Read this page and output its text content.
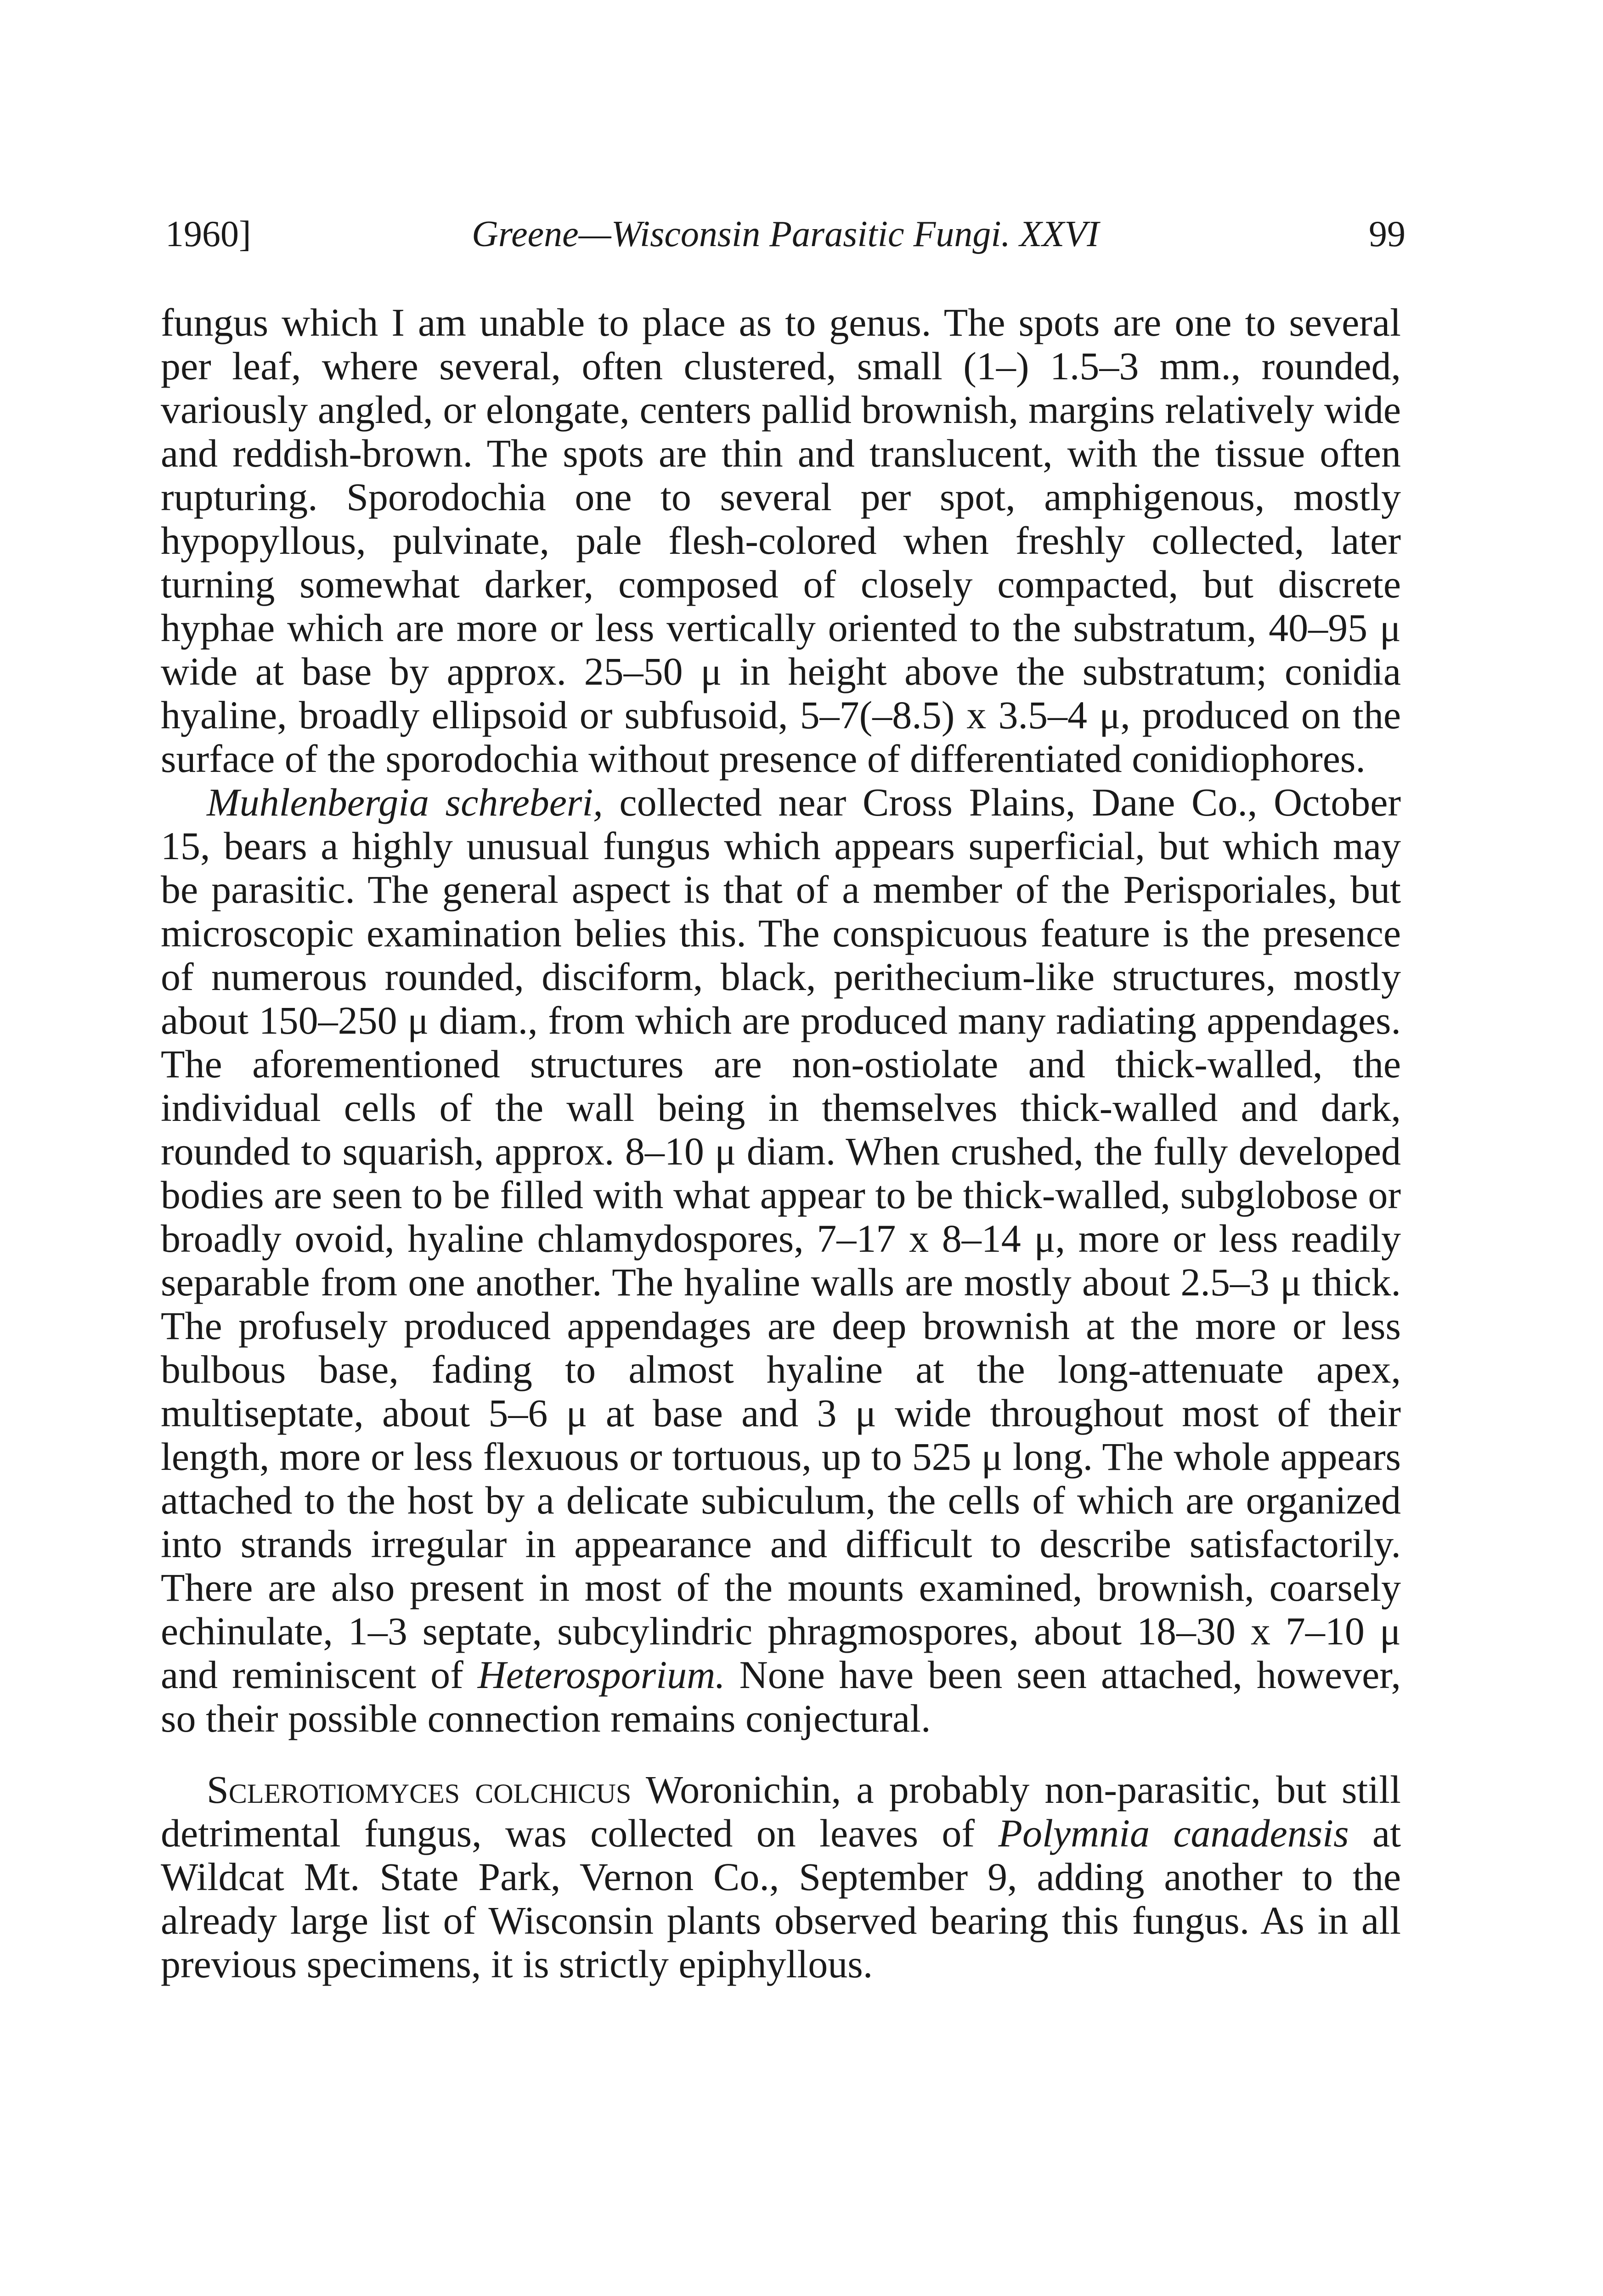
1960]	Greene—Wisconsin Parasitic Fungi. XXVI	99

fungus which I am unable to place as to genus. The spots are one to several per leaf, where several, often clustered, small (1–) 1.5–3 mm., rounded, variously angled, or elongate, centers pallid brownish, margins relatively wide and reddish-brown. The spots are thin and translucent, with the tissue often rupturing. Sporodochia one to several per spot, amphigenous, mostly hypopyllous, pulvinate, pale flesh-colored when freshly collected, later turning somewhat darker, composed of closely compacted, but discrete hyphae which are more or less vertically oriented to the substratum, 40–95 μ wide at base by approx. 25–50 μ in height above the substratum; conidia hyaline, broadly ellipsoid or subfusoid, 5–7(–8.5) x 3.5–4 μ, produced on the surface of the sporodochia without presence of differentiated conidiophores.

Muhlenbergia schreberi, collected near Cross Plains, Dane Co., October 15, bears a highly unusual fungus which appears superficial, but which may be parasitic. The general aspect is that of a member of the Perisporiales, but microscopic examination belies this. The conspicuous feature is the presence of numerous rounded, disciform, black, perithecium-like structures, mostly about 150–250 μ diam., from which are produced many radiating appendages. The aforementioned structures are non-ostiolate and thick-walled, the individual cells of the wall being in themselves thick-walled and dark, rounded to squarish, approx. 8–10 μ diam. When crushed, the fully developed bodies are seen to be filled with what appear to be thick-walled, subglobose or broadly ovoid, hyaline chlamydospores, 7–17 x 8–14 μ, more or less readily separable from one another. The hyaline walls are mostly about 2.5–3 μ thick. The profusely produced appendages are deep brownish at the more or less bulbous base, fading to almost hyaline at the long-attenuate apex, multiseptate, about 5–6 μ at base and 3 μ wide throughout most of their length, more or less flexuous or tortuous, up to 525 μ long. The whole appears attached to the host by a delicate subiculum, the cells of which are organized into strands irregular in appearance and difficult to describe satisfactorily. There are also present in most of the mounts examined, brownish, coarsely echinulate, 1–3 septate, subcylindric phragmospores, about 18–30 x 7–10 μ and reminiscent of Heterosporium. None have been seen attached, however, so their possible connection remains conjectural.

Sclerotiomyces colchicus Woronichin, a probably non-parasitic, but still detrimental fungus, was collected on leaves of Polymnia canadensis at Wildcat Mt. State Park, Vernon Co., September 9, adding another to the already large list of Wisconsin plants observed bearing this fungus. As in all previous specimens, it is strictly epiphyllous.
